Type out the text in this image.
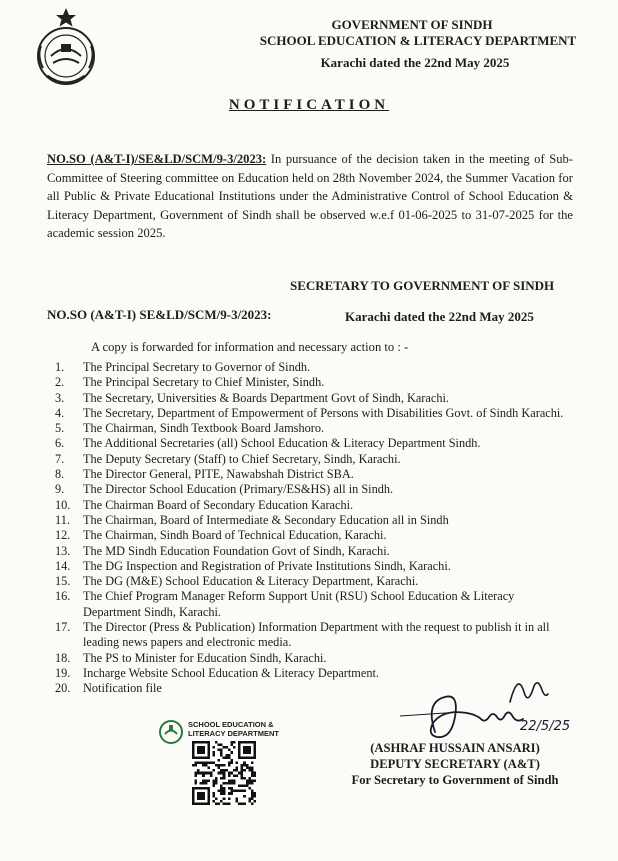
GOVERNMENT OF SINDH
SCHOOL EDUCATION & LITERACY DEPARTMENT
Karachi dated the 22nd May 2025
NOTIFICATION

NO.SO (A&T-I)/SE&LD/SCM/9-3/2023: In pursuance of the decision taken in the meeting of Sub-Committee of Steering committee on Education held on 28th November 2024, the Summer Vacation for all Public & Private Educational Institutions under the Administrative Control of School Education & Literacy Department, Government of Sindh shall be observed w.e.f 01-06-2025 to 31-07-2025 for the academic session 2025.

SECRETARY TO GOVERNMENT OF SINDH
NO.SO (A&T-I) SE&LD/SCM/9-3/2023:	Karachi dated the 22nd May 2025
A copy is forwarded for information and necessary action to : -
1.	The Principal Secretary to Governor of Sindh.
2.	The Principal Secretary to Chief Minister, Sindh.
3.	The Secretary, Universities & Boards Department Govt of Sindh, Karachi.
4.	The Secretary, Department of Empowerment of Persons with Disabilities Govt. of Sindh Karachi.
5.	The Chairman, Sindh Textbook Board Jamshoro.
6.	The Additional Secretaries (all) School Education & Literacy Department Sindh.
7.	The Deputy Secretary (Staff) to Chief Secretary, Sindh, Karachi.
8.	The Director General, PITE, Nawabshah District SBA.
9.	The Director School Education (Primary/ES&HS) all in Sindh.
10.	The Chairman Board of Secondary Education Karachi.
11.	The Chairman, Board of Intermediate & Secondary Education all in Sindh
12.	The Chairman, Sindh Board of Technical Education, Karachi.
13.	The MD Sindh Education Foundation Govt of Sindh, Karachi.
14.	The DG Inspection and Registration of Private Institutions Sindh, Karachi.
15.	The DG (M&E) School Education & Literacy Department, Karachi.
16.	The Chief Program Manager Reform Support Unit (RSU) School Education & Literacy Department Sindh, Karachi.
17.	The Director (Press & Publication) Information Department with the request to publish it in all leading news papers and electronic media.
18.	The PS to Minister for Education Sindh, Karachi.
19.	Incharge Website School Education & Literacy Department.
20.	Notification file
SCHOOL EDUCATION &
LITERACY DEPARTMENT	22/5/25
(ASHRAF HUSSAIN ANSARI)
DEPUTY SECRETARY (A&T)
For Secretary to Government of Sindh
